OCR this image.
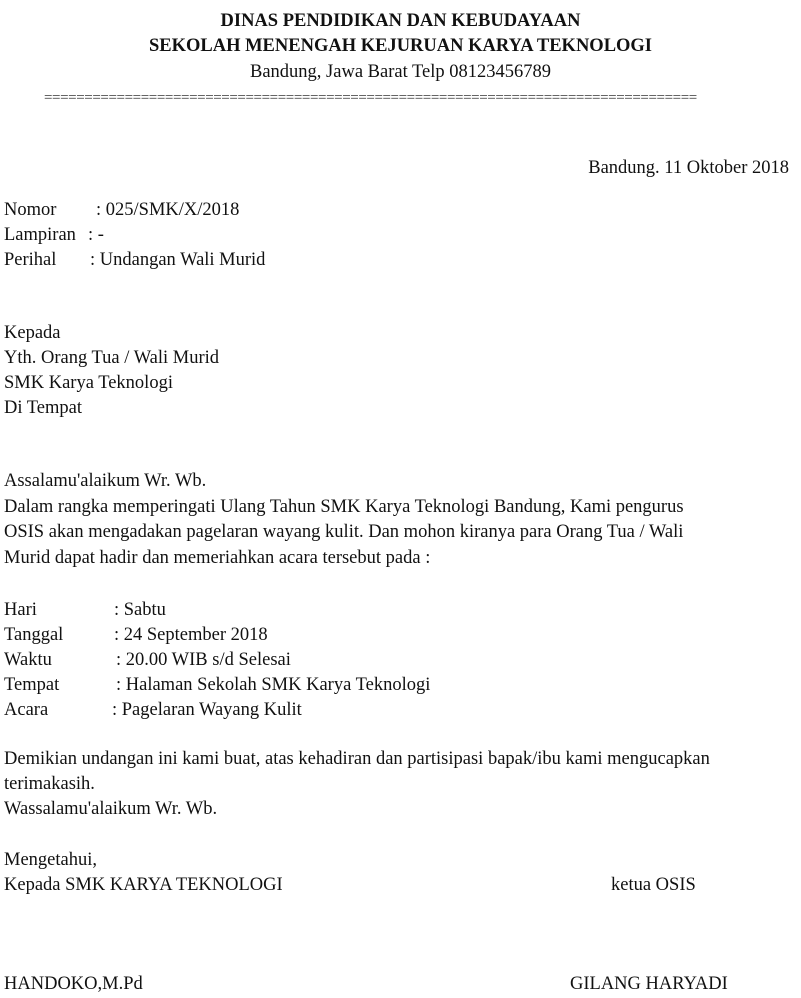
DINAS PENDIDIKAN DAN KEBUDAYAAN
SEKOLAH MENENGAH KEJURUAN KARYA TEKNOLOGI
Bandung, Jawa Barat Telp 08123456789
=================================================================================
Bandung. 11 Oktober 2018
Nomor : 025/SMK/X/2018
Lampiran : -
Perihal : Undangan Wali Murid
Kepada
Yth. Orang Tua / Wali Murid
SMK Karya Teknologi
Di Tempat
Assalamu'alaikum Wr. Wb.
Dalam rangka memperingati Ulang Tahun SMK Karya Teknologi Bandung, Kami pengurus
OSIS akan mengadakan pagelaran wayang kulit. Dan mohon kiranya para Orang Tua / Wali
Murid dapat hadir dan memeriahkan acara tersebut pada :
Hari	: Sabtu
Tanggal	: 24 September 2018
Waktu	: 20.00 WIB s/d Selesai
Tempat	: Halaman Sekolah SMK Karya Teknologi
Acara	: Pagelaran Wayang Kulit
Demikian undangan ini kami buat, atas kehadiran dan partisipasi bapak/ibu kami mengucapkan
terimakasih.
Wassalamu'alaikum Wr. Wb.
Mengetahui,
Kepada SMK KARYA TEKNOLOGI	ketua OSIS
HANDOKO,M.Pd	GILANG HARYADI
